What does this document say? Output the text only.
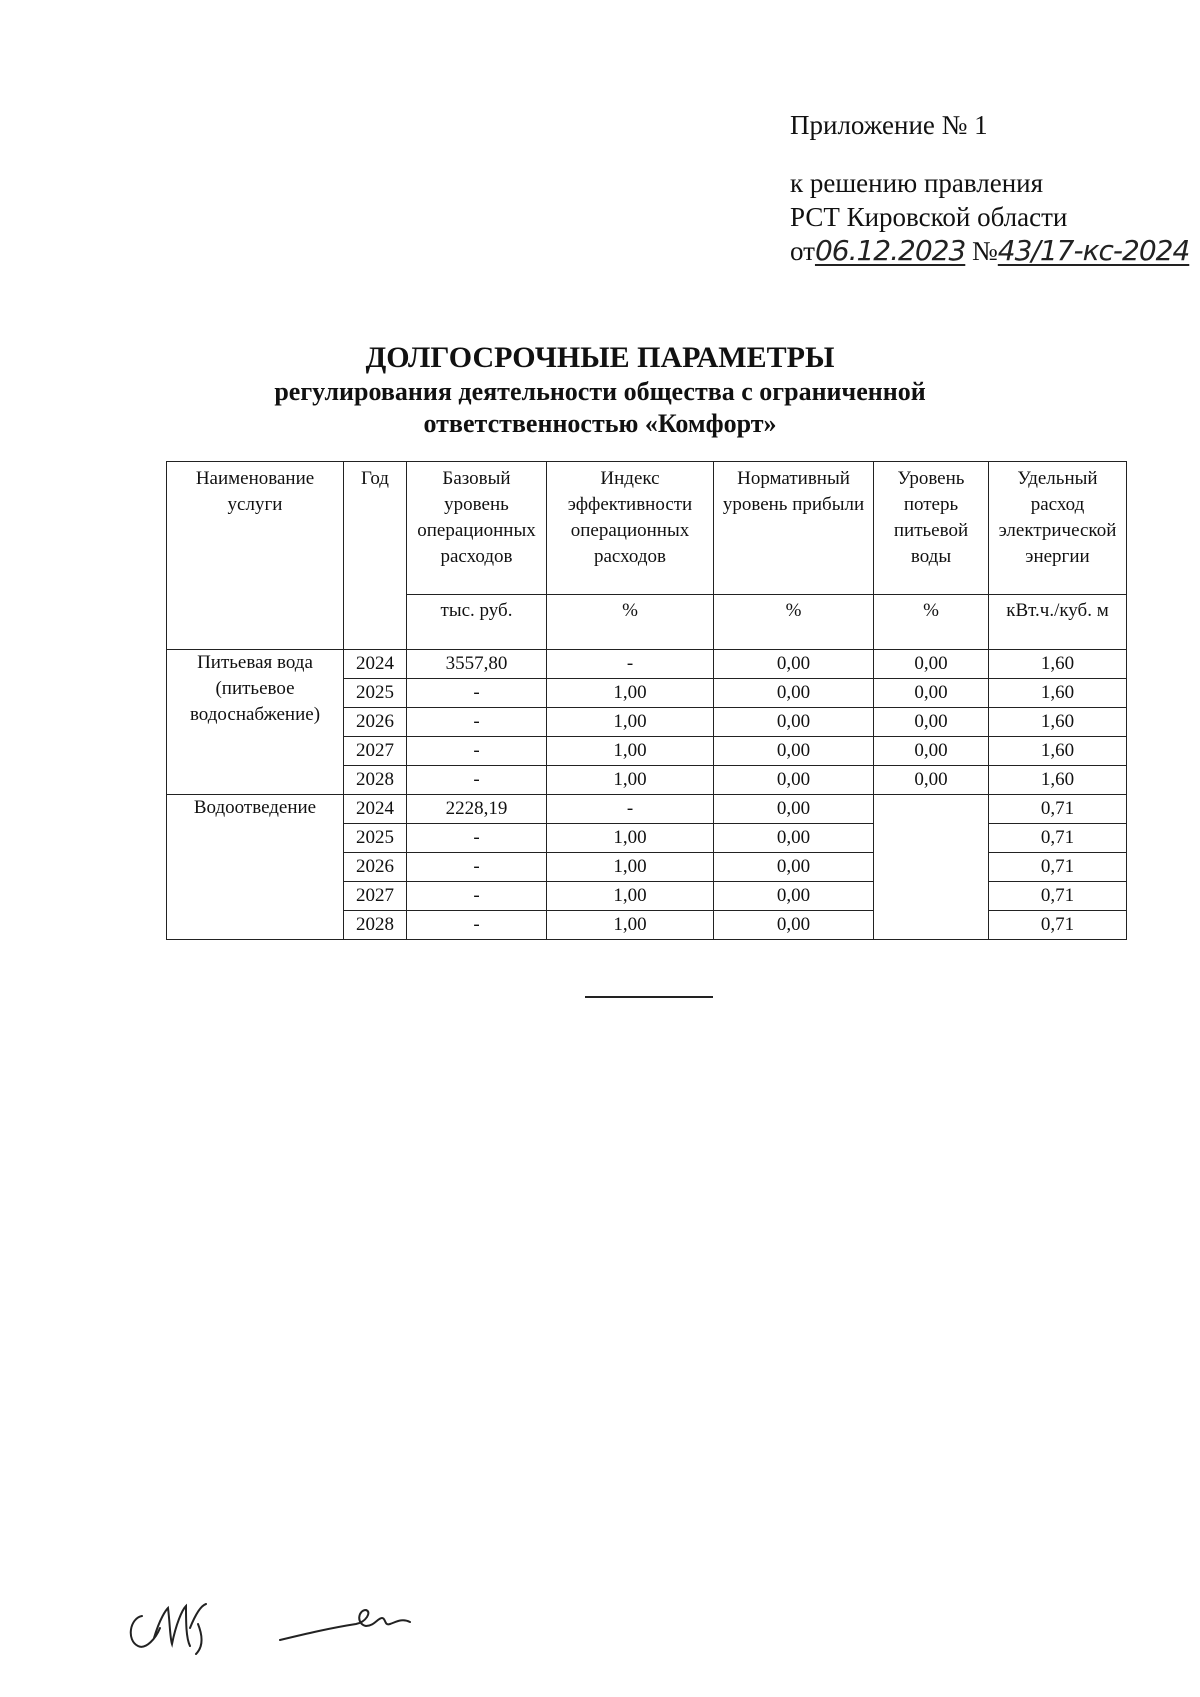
Приложение № 1
к решению правления
РСТ Кировской области
от06.12.2023 №43/17-кс-2024
ДОЛГОСРОЧНЫЕ ПАРАМЕТРЫ
регулирования деятельности общества с ограниченной
ответственностью «Комфорт»
Наименование услуги	Год	Базовый уровень операционных расходов	Индекс эффективности операционных расходов	Нормативный уровень прибыли	Уровень потерь питьевой воды	Удельный расход электрической энергии
		тыс. руб.	%	%	%	кВт.ч./куб. м
Питьевая вода (питьевое водоснабжение)	2024	3557,80	-	0,00	0,00	1,60
	2025	-	1,00	0,00	0,00	1,60
	2026	-	1,00	0,00	0,00	1,60
	2027	-	1,00	0,00	0,00	1,60
	2028	-	1,00	0,00	0,00	1,60
Водоотведение	2024	2228,19	-	0,00		0,71
	2025	-	1,00	0,00		0,71
	2026	-	1,00	0,00		0,71
	2027	-	1,00	0,00		0,71
	2028	-	1,00	0,00		0,71
